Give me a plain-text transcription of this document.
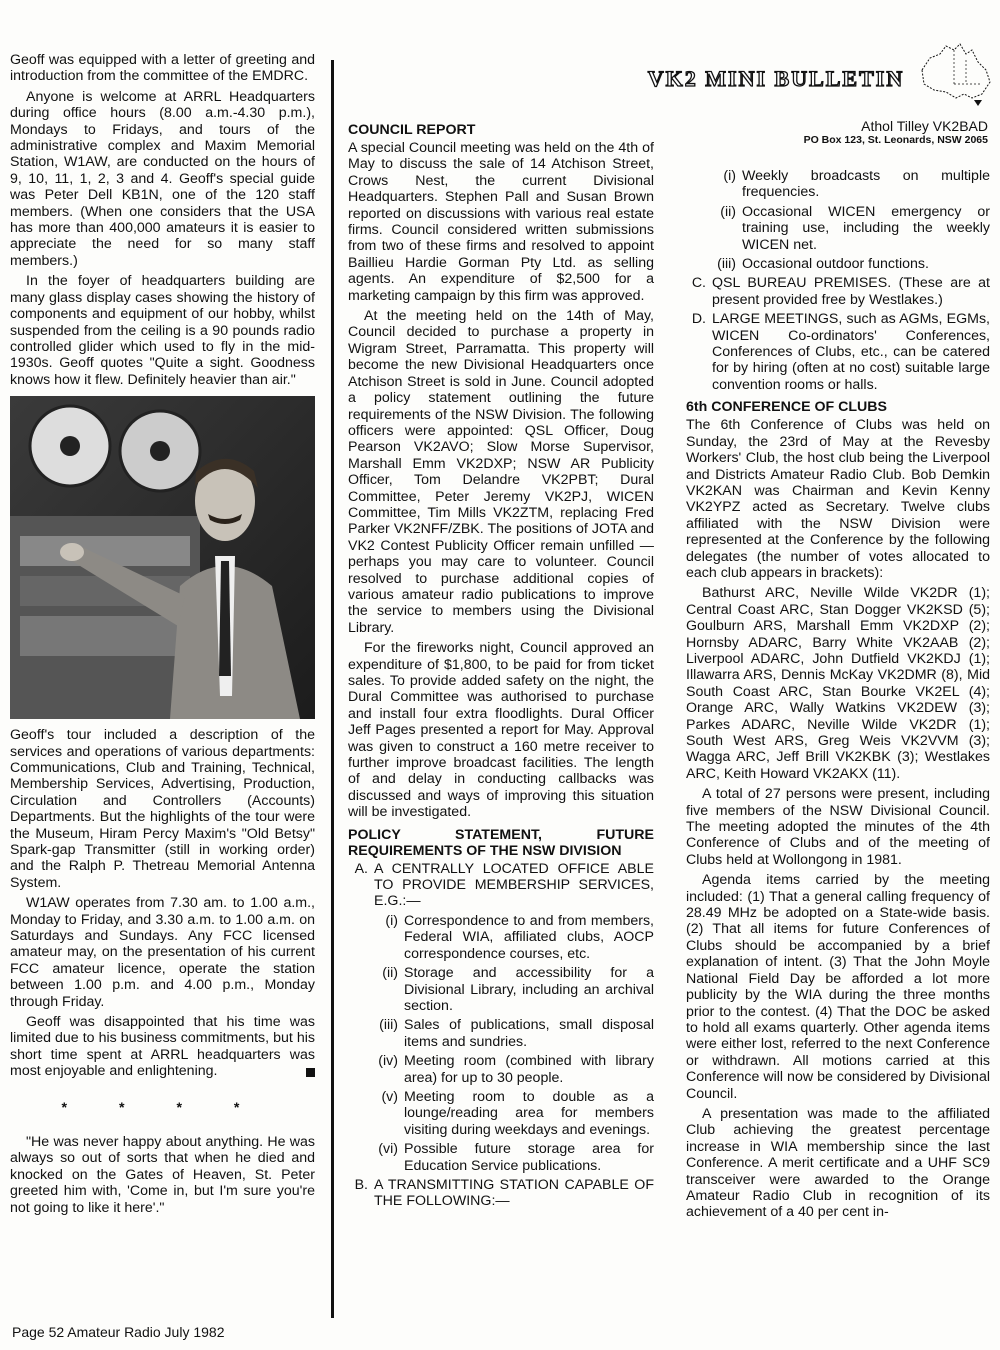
VK2 MINI BULLETIN
Athol Tilley VK2BAD
PO Box 123, St. Leonards, NSW 2065

Geoff was equipped with a letter of greeting and introduction from the committee of the EMDRC.

Anyone is welcome at ARRL Headquarters during office hours (8.00 a.m.-4.30 p.m.), Mondays to Fridays, and tours of the administrative complex and Maxim Memorial Station, W1AW, are conducted on the hours of 9, 10, 11, 1, 2, 3 and 4. Geoff's special guide was Peter Dell KB1N, one of the 120 staff members. (When one considers that the USA has more than 400,000 amateurs it is easier to appreciate the need for so many staff members.)

In the foyer of headquarters building are many glass display cases showing the history of components and equipment of our hobby, whilst suspended from the ceiling is a 90 pounds radio controlled glider which used to fly in the mid-1930s. Geoff quotes "Quite a sight. Goodness knows how it flew. Definitely heavier than air."

Geoff's tour included a description of the services and operations of various departments: Communications, Club and Training, Technical, Membership Services, Advertising, Production, Circulation and Controllers (Accounts) Departments. But the highlights of the tour were the Museum, Hiram Percy Maxim's "Old Betsy" Spark-gap Transmitter (still in working order) and the Ralph P. Thetreau Memorial Antenna System.

W1AW operates from 7.30 am. to 1.00 a.m., Monday to Friday, and 3.30 a.m. to 1.00 a.m. on Saturdays and Sundays. Any FCC licensed amateur may, on the presentation of his current FCC amateur licence, operate the station between 1.00 p.m. and 4.00 p.m., Monday through Friday.

Geoff was disappointed that his time was limited due to his business commitments, but his short time spent at ARRL headquarters was most enjoyable and enlightening.

* * * *

"He was never happy about anything. He was always so out of sorts that when he died and knocked on the Gates of Heaven, St. Peter greeted him with, 'Come in, but I'm sure you're not going to like it here'."

COUNCIL REPORT

A special Council meeting was held on the 4th of May to discuss the sale of 14 Atchison Street, Crows Nest, the current Divisional Headquarters. Stephen Pall and Susan Brown reported on discussions with various real estate firms. Council considered written submissions from two of these firms and resolved to appoint Baillieu Hardie Gorman Pty Ltd. as selling agents. An expenditure of $2,500 for a marketing campaign by this firm was approved.

At the meeting held on the 14th of May, Council decided to purchase a property in Wigram Street, Parramatta. This property will become the new Divisional Headquarters once Atchison Street is sold in June. Council adopted a policy statement outlining the future requirements of the NSW Division. The following officers were appointed: QSL Officer, Doug Pearson VK2AVO; Slow Morse Supervisor, Marshall Emm VK2DXP; NSW AR Publicity Officer, Tom Delandre VK2PBT; Dural Committee, Peter Jeremy VK2PJ, WICEN Committee, Tim Mills VK2ZTM, replacing Fred Parker VK2NFF/ZBK. The positions of JOTA and VK2 Contest Publicity Officer remain unfilled — perhaps you may care to volunteer. Council resolved to purchase additional copies of various amateur radio publications to improve the service to members using the Divisional Library.

For the fireworks night, Council approved an expenditure of $1,800, to be paid for from ticket sales. To provide added safety on the night, the Dural Committee was authorised to purchase and install four extra floodlights. Dural Officer Jeff Pages presented a report for May. Approval was given to construct a 160 metre receiver to further improve broadcast facilities. The length of and delay in conducting callbacks was discussed and ways of improving this situation will be investigated.

POLICY STATEMENT, FUTURE REQUIREMENTS OF THE NSW DIVISION
A. A CENTRALLY LOCATED OFFICE ABLE TO PROVIDE MEMBERSHIP SERVICES, E.G.:—
(i) Correspondence to and from members, Federal WIA, affiliated clubs, AOCP correspondence courses, etc.
(ii) Storage and accessibility for a Divisional Library, including an archival section.
(iii) Sales of publications, small disposal items and sundries.
(iv) Meeting room (combined with library area) for up to 30 people.
(v) Meeting room to double as a lounge/reading area for members visiting during weekdays and evenings.
(vi) Possible future storage area for Education Service publications.
B. A TRANSMITTING STATION CAPABLE OF THE FOLLOWING:—
(i) Weekly broadcasts on multiple frequencies.
(ii) Occasional WICEN emergency or training use, including the weekly WICEN net.
(iii) Occasional outdoor functions.
C. QSL BUREAU PREMISES. (These are at present provided free by Westlakes.)
D. LARGE MEETINGS, such as AGMs, EGMs, WICEN Co-ordinators' Conferences, Conferences of Clubs, etc., can be catered for by hiring (often at no cost) suitable large convention rooms or halls.
6th CONFERENCE OF CLUBS

The 6th Conference of Clubs was held on Sunday, the 23rd of May at the Revesby Workers' Club, the host club being the Liverpool and Districts Amateur Radio Club. Bob Demkin VK2KAN was Chairman and Kevin Kenny VK2YPZ acted as Secretary. Twelve clubs affiliated with the NSW Division were represented at the Conference by the following delegates (the number of votes allocated to each club appears in brackets):

Bathurst ARC, Neville Wilde VK2DR (1); Central Coast ARC, Stan Dogger VK2KSD (5); Goulburn ARS, Marshall Emm VK2DXP (2); Hornsby ADARC, Barry White VK2AAB (2); Liverpool ADARC, John Dutfield VK2KDJ (1); Illawarra ARS, Dennis McKay VK2DMR (8), Mid South Coast ARC, Stan Bourke VK2EL (4); Orange ARC, Wally Watkins VK2DEW (3); Parkes ADARC, Neville Wilde VK2DR (1); South West ARS, Greg Weis VK2VVM (3); Wagga ARC, Jeff Brill VK2KBK (3); Westlakes ARC, Keith Howard VK2AKX (11).

A total of 27 persons were present, including five members of the NSW Divisional Council. The meeting adopted the minutes of the 4th Conference of Clubs and of the meeting of Clubs held at Wollongong in 1981.

Agenda items carried by the meeting included: (1) That a general calling frequency of 28.49 MHz be adopted on a State-wide basis. (2) That all items for future Conferences of Clubs should be accompanied by a brief explanation of intent. (3) That the John Moyle National Field Day be afforded a lot more publicity by the WIA during the three months prior to the contest. (4) That the DOC be asked to hold all exams quarterly. Other agenda items were either lost, referred to the next Conference or withdrawn. All motions carried at this Conference will now be considered by Divisional Council.

A presentation was made to the affiliated Club achieving the greatest percentage increase in WIA membership since the last Conference. A merit certificate and a UHF SC9 transceiver were awarded to the Orange Amateur Radio Club in recognition of its achievement of a 40 per cent in-

Page 52 Amateur Radio July 1982
